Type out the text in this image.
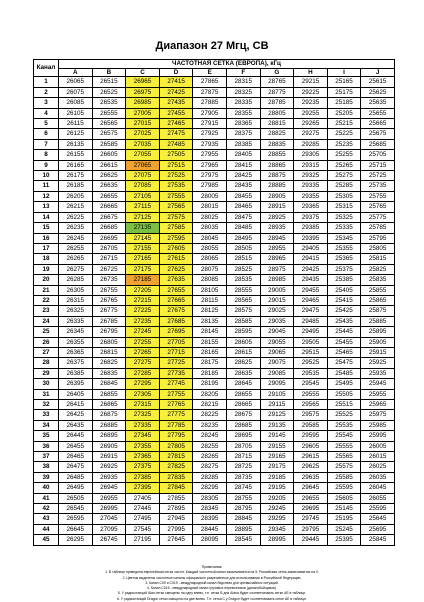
Диапазон 27 Мгц, СВ
Канал	ЧАСТОТНАЯ СЕТКА (ЕВРОПА), кГц									
	A	B	C	D	E	F	G	H	I	J
1	26065	26515	26965	27415	27865	28315	28765	29215	25165	25615
2	26075	26525	26975	27425	27875	28325	28775	29225	25175	25625
3	26085	26535	26985	27435	27885	28335	28785	29235	25185	25635
4	26105	26555	27005	27455	27905	28355	28805	29255	25205	25655
5	26115	26565	27015	27465	27915	28365	28815	29265	25215	25665
6	26125	26575	27025	27475	27925	28375	28825	29275	25225	25675
7	26135	26585	27035	27485	27935	28385	28835	29285	25235	25685
8	26155	26605	27055	27505	27955	28405	28855	29305	25255	25705
9	26165	26615	27065	27515	27965	28415	28865	29315	25265	25715
10	26175	26625	27075	27525	27975	28425	28875	29325	25275	25725
11	26185	26635	27085	27535	27985	28435	28885	29335	25285	25735
12	26205	26655	27105	27555	28005	28455	28905	29355	25305	25755
13	26215	26665	27115	27565	28015	28465	28915	29365	25315	25765
14	26225	26675	27125	27575	28025	28475	28925	29375	25325	25775
15	26235	26685	27135	27585	28035	28485	28935	29385	25335	25785
16	26245	26695	27145	27595	28045	28495	28945	29395	25345	25795
17	26255	26705	27155	27605	28055	28505	28955	29405	25355	25805
18	26265	26715	27165	27615	28065	28515	28965	29415	25365	25815
19	26275	26725	27175	27625	28075	28525	28975	29425	25375	25825
20	26285	26735	27185	27635	28085	28535	28985	29435	25385	25835
21	26305	26755	27205	27655	28105	28555	29005	29455	25405	25855
22	26315	26765	27215	27665	28115	28565	29015	29465	25415	25865
23	26325	26775	27225	27675	28125	28575	29025	29475	25425	25875
24	26335	26785	27235	27685	28135	28585	29035	29485	25435	25885
25	26345	26795	27245	27695	28145	28595	29045	29495	25445	25895
26	26355	26805	27255	27705	28155	28605	29055	29505	25455	25905
27	26365	26815	27265	27715	28165	28615	29065	29515	25465	25915
28	26375	26825	27275	27725	28175	28625	29075	29525	25475	25925
29	26385	26835	27285	27735	28185	28635	29085	29535	25485	25935
30	26395	26845	27295	27745	28195	28645	29095	29545	25495	25945
31	26405	26855	27305	27755	28205	28655	29105	29555	25505	25955
32	26415	26865	27315	27765	28215	28665	29115	29565	25515	25965
33	26425	26875	27325	27775	28225	28675	29125	29575	25525	25975
34	26435	26885	27335	27785	28235	28685	29135	29585	25535	25985
35	26445	26895	27345	27795	28245	28695	29145	29595	25545	25995
36	26455	26905	27355	27805	28255	28705	29155	29605	25555	26005
37	26465	26915	27365	27815	28265	28715	29165	29615	25565	26015
38	26475	26925	27375	27825	28275	28725	29175	29625	25575	26025
39	26485	26935	27385	27835	28285	28735	29185	29635	25585	26035
40	26495	26945	27395	27845	28295	28745	29195	29645	25595	26045
41	26505	26955	27405	27855	28305	28755	29205	29655	25605	26055
42	26545	26995	27445	27895	28345	28795	29245	29695	25145	25595
43	26595	27045	27495	27945	28395	28845	29295	29745	25195	25645
44	26645	27095	27545	27995	28445	28895	29345	29795	25245	25695
45	26295	26745	27195	27645	28095	28545	28995	29445	25395	25845
Примечания:
1. В таблице приведена европейская сетка частот. Каждый частотный канал заканчивается на 5. Российская сетка заканчивается на 0.
2. Цветом выделены частотные каналы официально разрешенные для использования в Российской Федерации.
3. Канал С09 и С019 - международный канал бедствия для чрезвычайных ситуаций.
4. Канал С015 - международный канал грузовых перевозчиков (дальнобойщиков).
5. У радиостанций Alan сетки смещены на одну влево, т.е. сетка B для Alana будет соответсвовать сетке AE в таблице.
6. У радиостанций Dragon сетки смещены на две влево. Т.е. сетка С у Dragon будет соответсвовать сетке AE в таблице.
